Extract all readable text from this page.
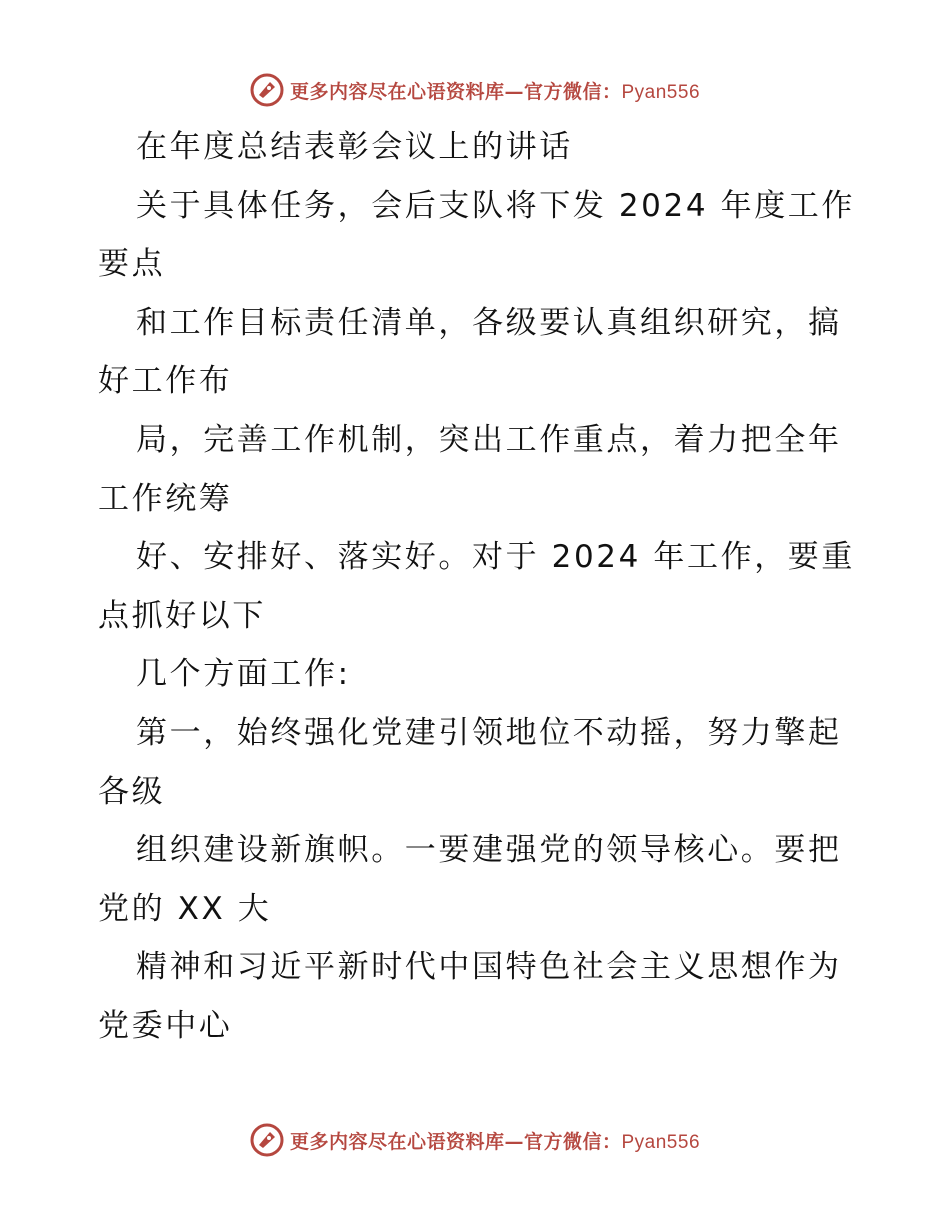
更多内容尽在心语资料库—官方微信：Pyan556
在年度总结表彰会议上的讲话
关于具体任务，会后支队将下发 2024 年度工作
要点
和工作目标责任清单，各级要认真组织研究，搞
好工作布
局，完善工作机制，突出工作重点，着力把全年
工作统筹
好、安排好、落实好。对于 2024 年工作，要重
点抓好以下
几个方面工作:
第一，始终强化党建引领地位不动摇，努力擎起
各级
组织建设新旗帜。一要建强党的领导核心。要把
党的 XX 大
精神和习近平新时代中国特色社会主义思想作为
党委中心
更多内容尽在心语资料库—官方微信：Pyan556
